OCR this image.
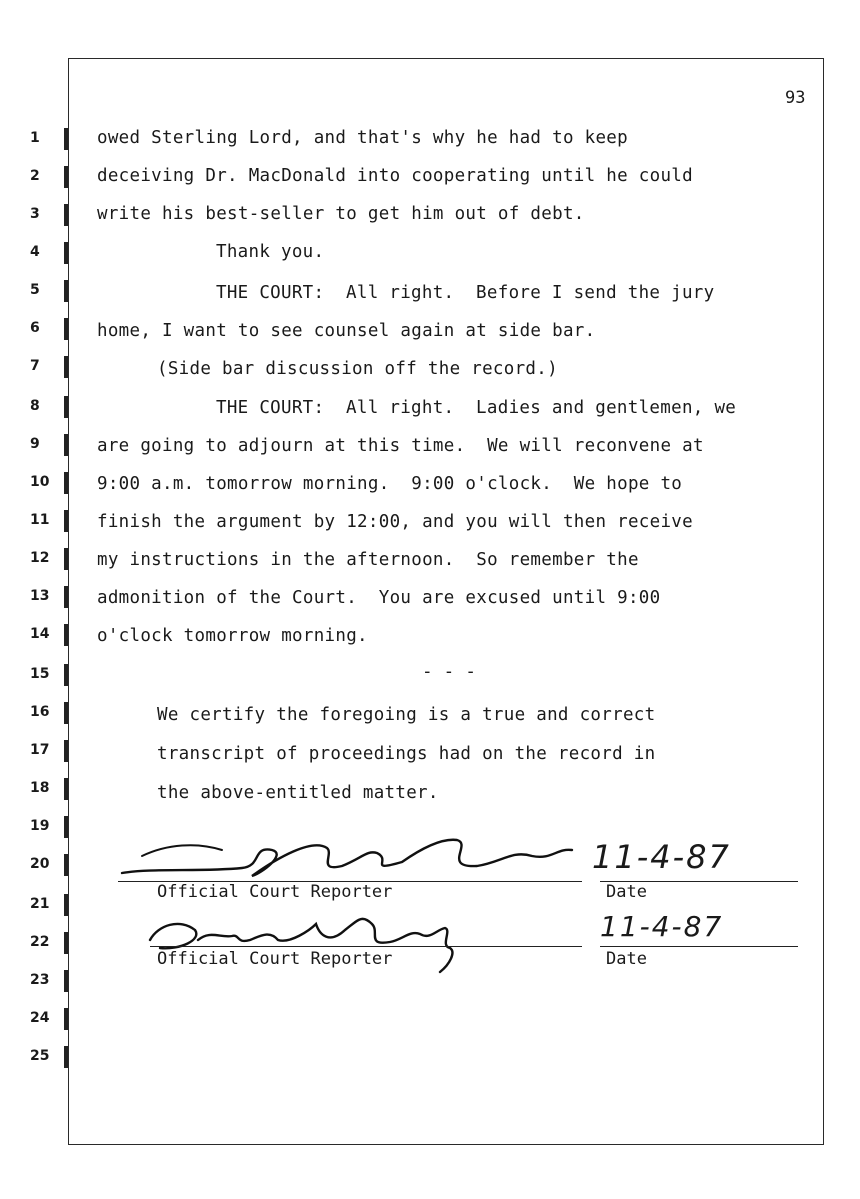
93
1
2
3
4
5
6
7
8
9
10
11
12
13
14
15
16
17
18
19
20
21
22
23
24
25
owed Sterling Lord, and that's why he had to keep
deceiving Dr. MacDonald into cooperating until he could
write his best-seller to get him out of debt.
Thank you.
THE COURT:  All right.  Before I send the jury
home, I want to see counsel again at side bar.
(Side bar discussion off the record.)
THE COURT:  All right.  Ladies and gentlemen, we
are going to adjourn at this time.  We will reconvene at
9:00 a.m. tomorrow morning.  9:00 o'clock.  We hope to
finish the argument by 12:00, and you will then receive
my instructions in the afternoon.  So remember the
admonition of the Court.  You are excused until 9:00
o'clock tomorrow morning.
- - -
We certify the foregoing is a true and correct
transcript of proceedings had on the record in
the above-entitled matter.
Sherill Bartlett
Official Court Reporter
11-4-87
Date
Darcie W. Davis
Official Court Reporter
11-4-87
Date
